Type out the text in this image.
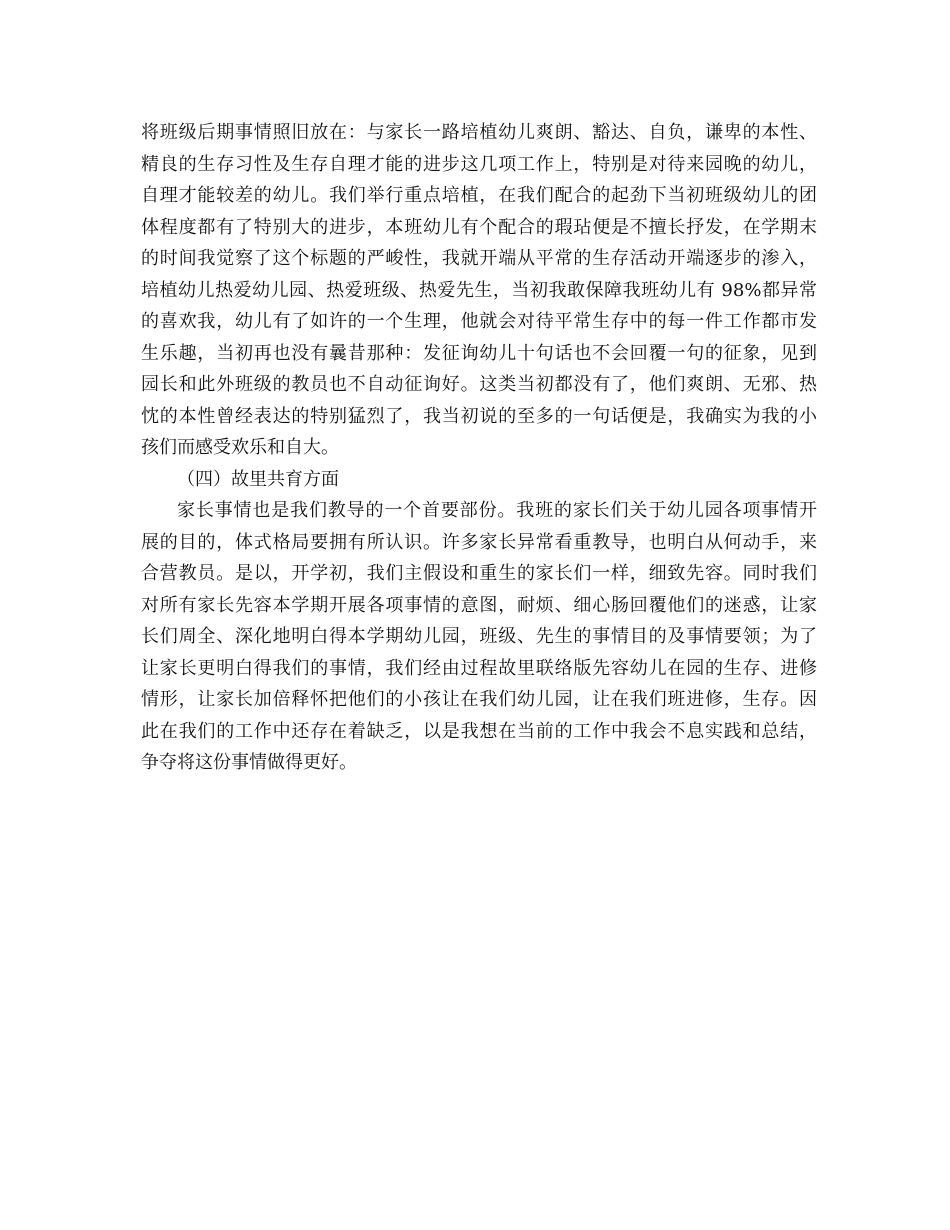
将班级后期事情照旧放在：与家长一路培植幼儿爽朗、豁达、自负，谦卑的本性、
精良的生存习性及生存自理才能的进步这几项工作上，特别是对待来园晚的幼儿，
自理才能较差的幼儿。我们举行重点培植，在我们配合的起劲下当初班级幼儿的团
体程度都有了特别大的进步，本班幼儿有个配合的瑕玷便是不擅长抒发，在学期末
的时间我觉察了这个标题的严峻性，我就开端从平常的生存活动开端逐步的渗入，
培植幼儿热爱幼儿园、热爱班级、热爱先生，当初我敢保障我班幼儿有 98%都异常
的喜欢我，幼儿有了如许的一个生理，他就会对待平常生存中的每一件工作都市发
生乐趣，当初再也没有曩昔那种：发征询幼儿十句话也不会回覆一句的征象，见到
园长和此外班级的教员也不自动征询好。这类当初都没有了，他们爽朗、无邪、热
忱的本性曾经表达的特别猛烈了，我当初说的至多的一句话便是，我确实为我的小
孩们而感受欢乐和自大。
（四）故里共育方面
家长事情也是我们教导的一个首要部份。我班的家长们关于幼儿园各项事情开
展的目的，体式格局要拥有所认识。许多家长异常看重教导，也明白从何动手，来
合营教员。是以，开学初，我们主假设和重生的家长们一样，细致先容。同时我们
对所有家长先容本学期开展各项事情的意图，耐烦、细心肠回覆他们的迷惑，让家
长们周全、深化地明白得本学期幼儿园，班级、先生的事情目的及事情要领；为了
让家长更明白得我们的事情，我们经由过程故里联络版先容幼儿在园的生存、进修
情形，让家长加倍释怀把他们的小孩让在我们幼儿园，让在我们班进修，生存。因
此在我们的工作中还存在着缺乏，以是我想在当前的工作中我会不息实践和总结，
争夺将这份事情做得更好。
